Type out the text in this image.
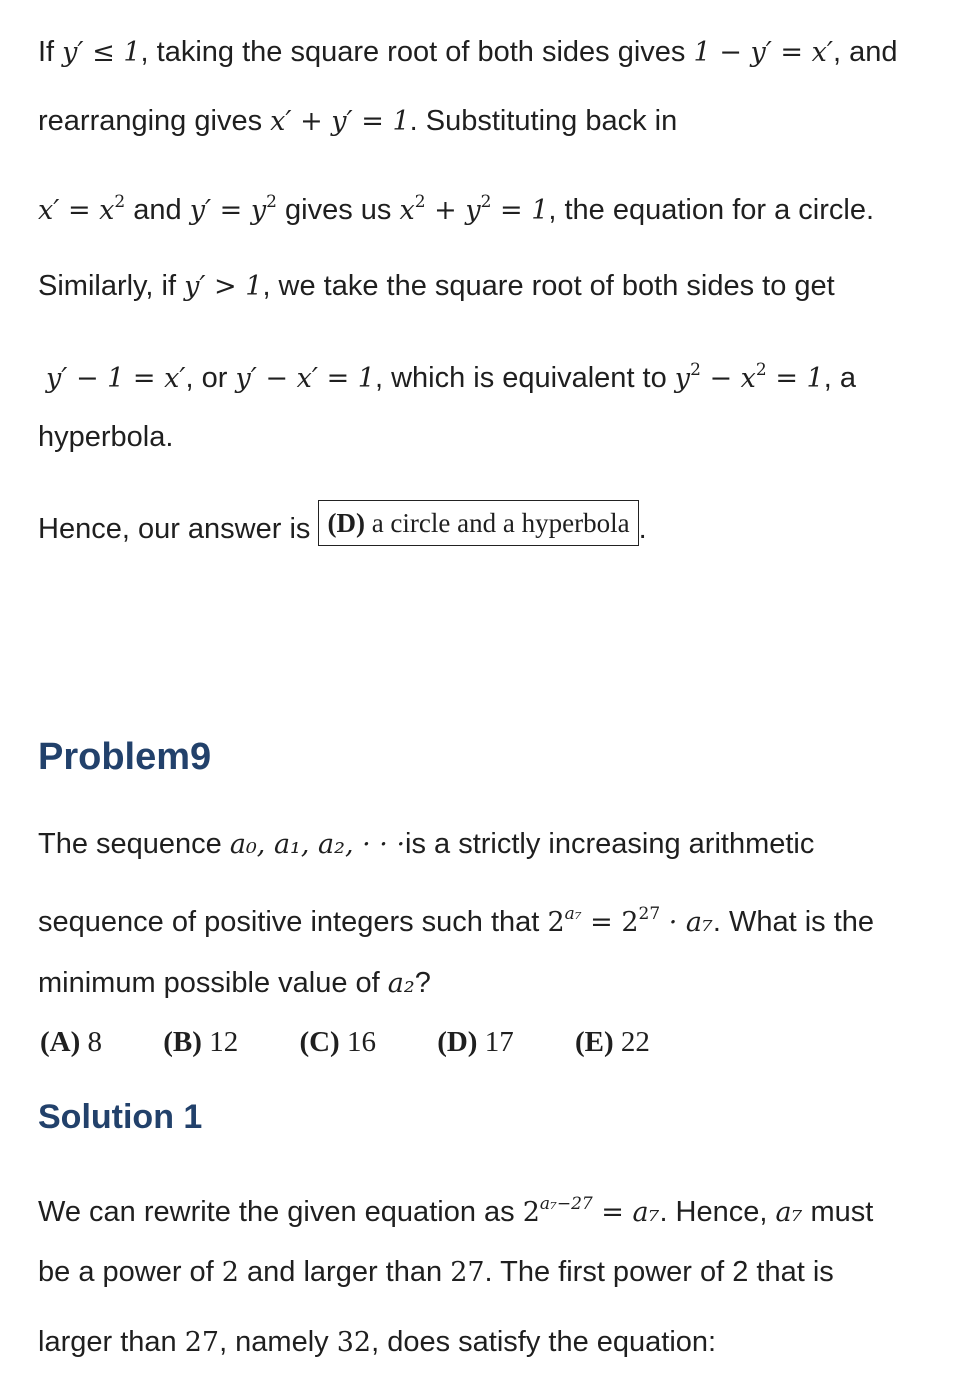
If y′ ≤ 1, taking the square root of both sides gives 1 − y′ = x′, and
rearranging gives x′ + y′ = 1. Substituting back in
$x' = x^2$ and $y' = y^2$ gives us $x^2 + y^2 = 1$, the equation for a circle.
Similarly, if y′ > 1, we take the square root of both sides to get
y′ − 1 = x′, or y′ − x′ = 1, which is equivalent to $y^2 - x^2 = 1$, a
hyperbola.
Hence, our answer is (D) a circle and a hyperbola .
Problem9
The sequence a₀, a₁, a₂, · · ·is a strictly increasing arithmetic
sequence of positive integers such that $2^{a_7} = 2^{27} \cdot a_7$. What is the
minimum possible value of a₂?
(A) 8 (B) 12 (C) 16 (D) 17 (E) 22
Solution 1
We can rewrite the given equation as $2^{a_7-27} = a_7$. Hence, a₇ must
be a power of 2 and larger than 27. The first power of 2 that is
larger than 27, namely 32, does satisfy the equation:
